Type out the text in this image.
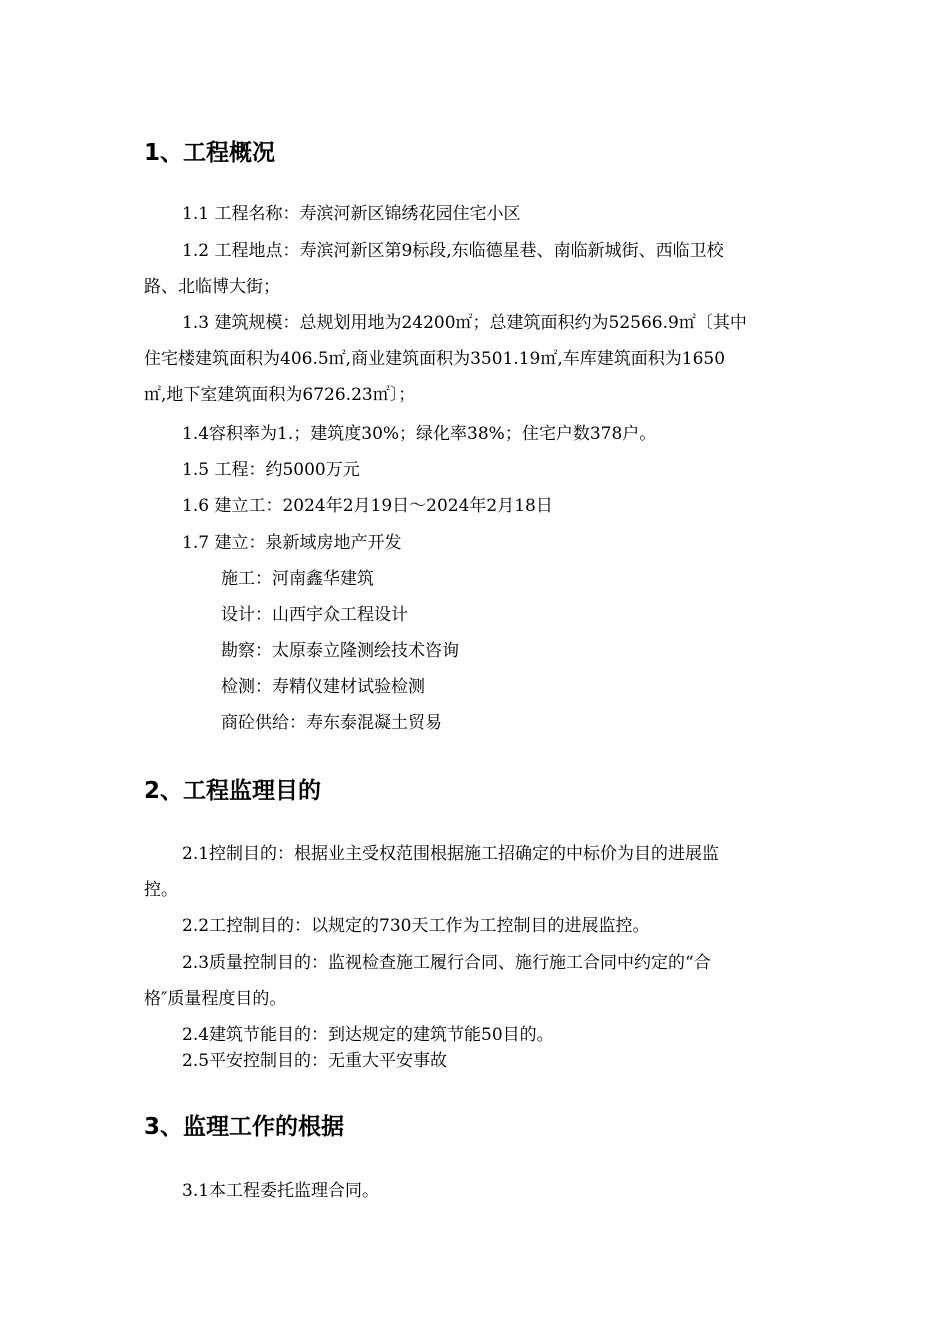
1、工程概况
1.1 工程名称：寿滨河新区锦绣花园住宅小区
1.2 工程地点：寿滨河新区第9标段,东临德星巷、南临新城街、西临卫校
路、北临博大街；
1.3 建筑规模：总规划用地为24200㎡；总建筑面积约为52566.9㎡〔其中
住宅楼建筑面积为406.5㎡,商业建筑面积为3501.19㎡,车库建筑面积为1650
㎡,地下室建筑面积为6726.23㎡〕；
1.4容积率为1.；建筑度30%；绿化率38%；住宅户数378户。
1.5 工程：约5000万元
1.6 建立工：2024年2月19日～2024年2月18日
1.7 建立：泉新域房地产开发
施工：河南鑫华建筑
设计：山西宇众工程设计
勘察：太原泰立隆测绘技术咨询
检测：寿精仪建材试验检测
商砼供给：寿东泰混凝土贸易
2、工程监理目的
2.1控制目的：根据业主受权范围根据施工招确定的中标价为目的进展监
控。
2.2工控制目的：以规定的730天工作为工控制目的进展监控。
2.3质量控制目的：监视检查施工履行合同、施行施工合同中约定的“合
格″质量程度目的。
2.4建筑节能目的：到达规定的建筑节能50目的。
2.5平安控制目的：无重大平安事故
3、监理工作的根据
3.1本工程委托监理合同。
